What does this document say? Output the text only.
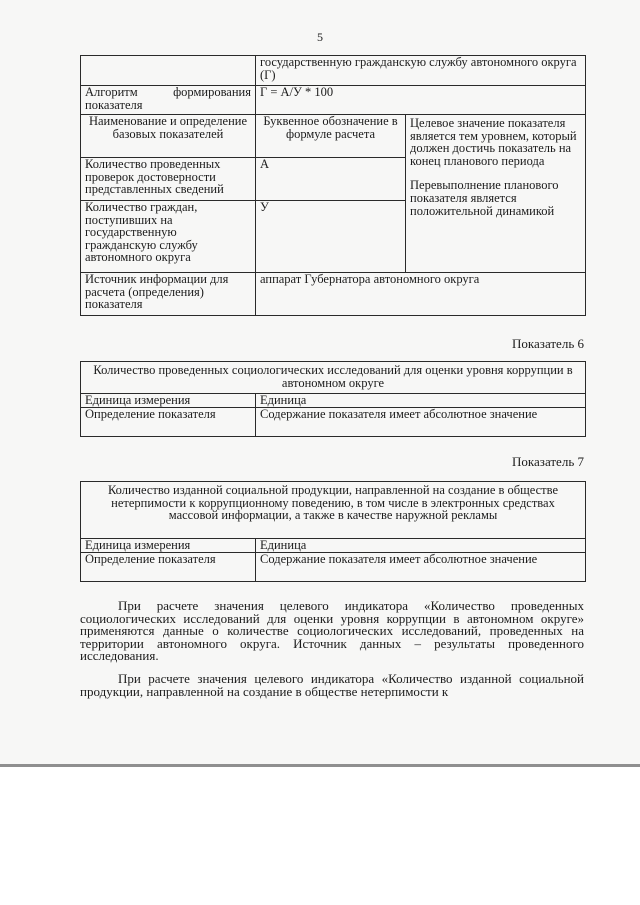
5
	государственную гражданскую службу автономного округа (Г)	
Алгоритм формирования показателя	Г = А/У * 100	
Наименование и определение базовых показателей	Буквенное обозначение в формуле расчета	Целевое значение показателя является тем уровнем, который должен достичь показатель на конец планового периода
Перевыполнение планового показателя является положительной динамикой

Количество проведенных проверок достоверности представленных сведений	А	
Количество граждан, поступивших на государственную гражданскую службу автономного округа	У	
Источник информации для расчета (определения) показателя	аппарат Губернатора автономного округа	
Показатель 6
Количество проведенных социологических исследований для оценки уровня коррупции в автономном округе	
Единица измерения	Единица
Определение показателя	Содержание показателя имеет абсолютное значение
Показатель 7
Количество изданной социальной продукции, направленной на создание в обществе нетерпимости к коррупционному поведению, в том числе в электронных средствах массовой информации, а также в качестве наружной рекламы	
Единица измерения	Единица
Определение показателя	Содержание показателя имеет абсолютное значение

При расчете значения целевого индикатора «Количество проведенных социологических исследований для оценки уровня коррупции в автономном округе» применяются данные о количестве социологических исследований, проведенных на территории автономного округа. Источник данных – результаты проведенного исследования.

При расчете значения целевого индикатора «Количество изданной социальной продукции, направленной на создание в обществе нетерпимости к
